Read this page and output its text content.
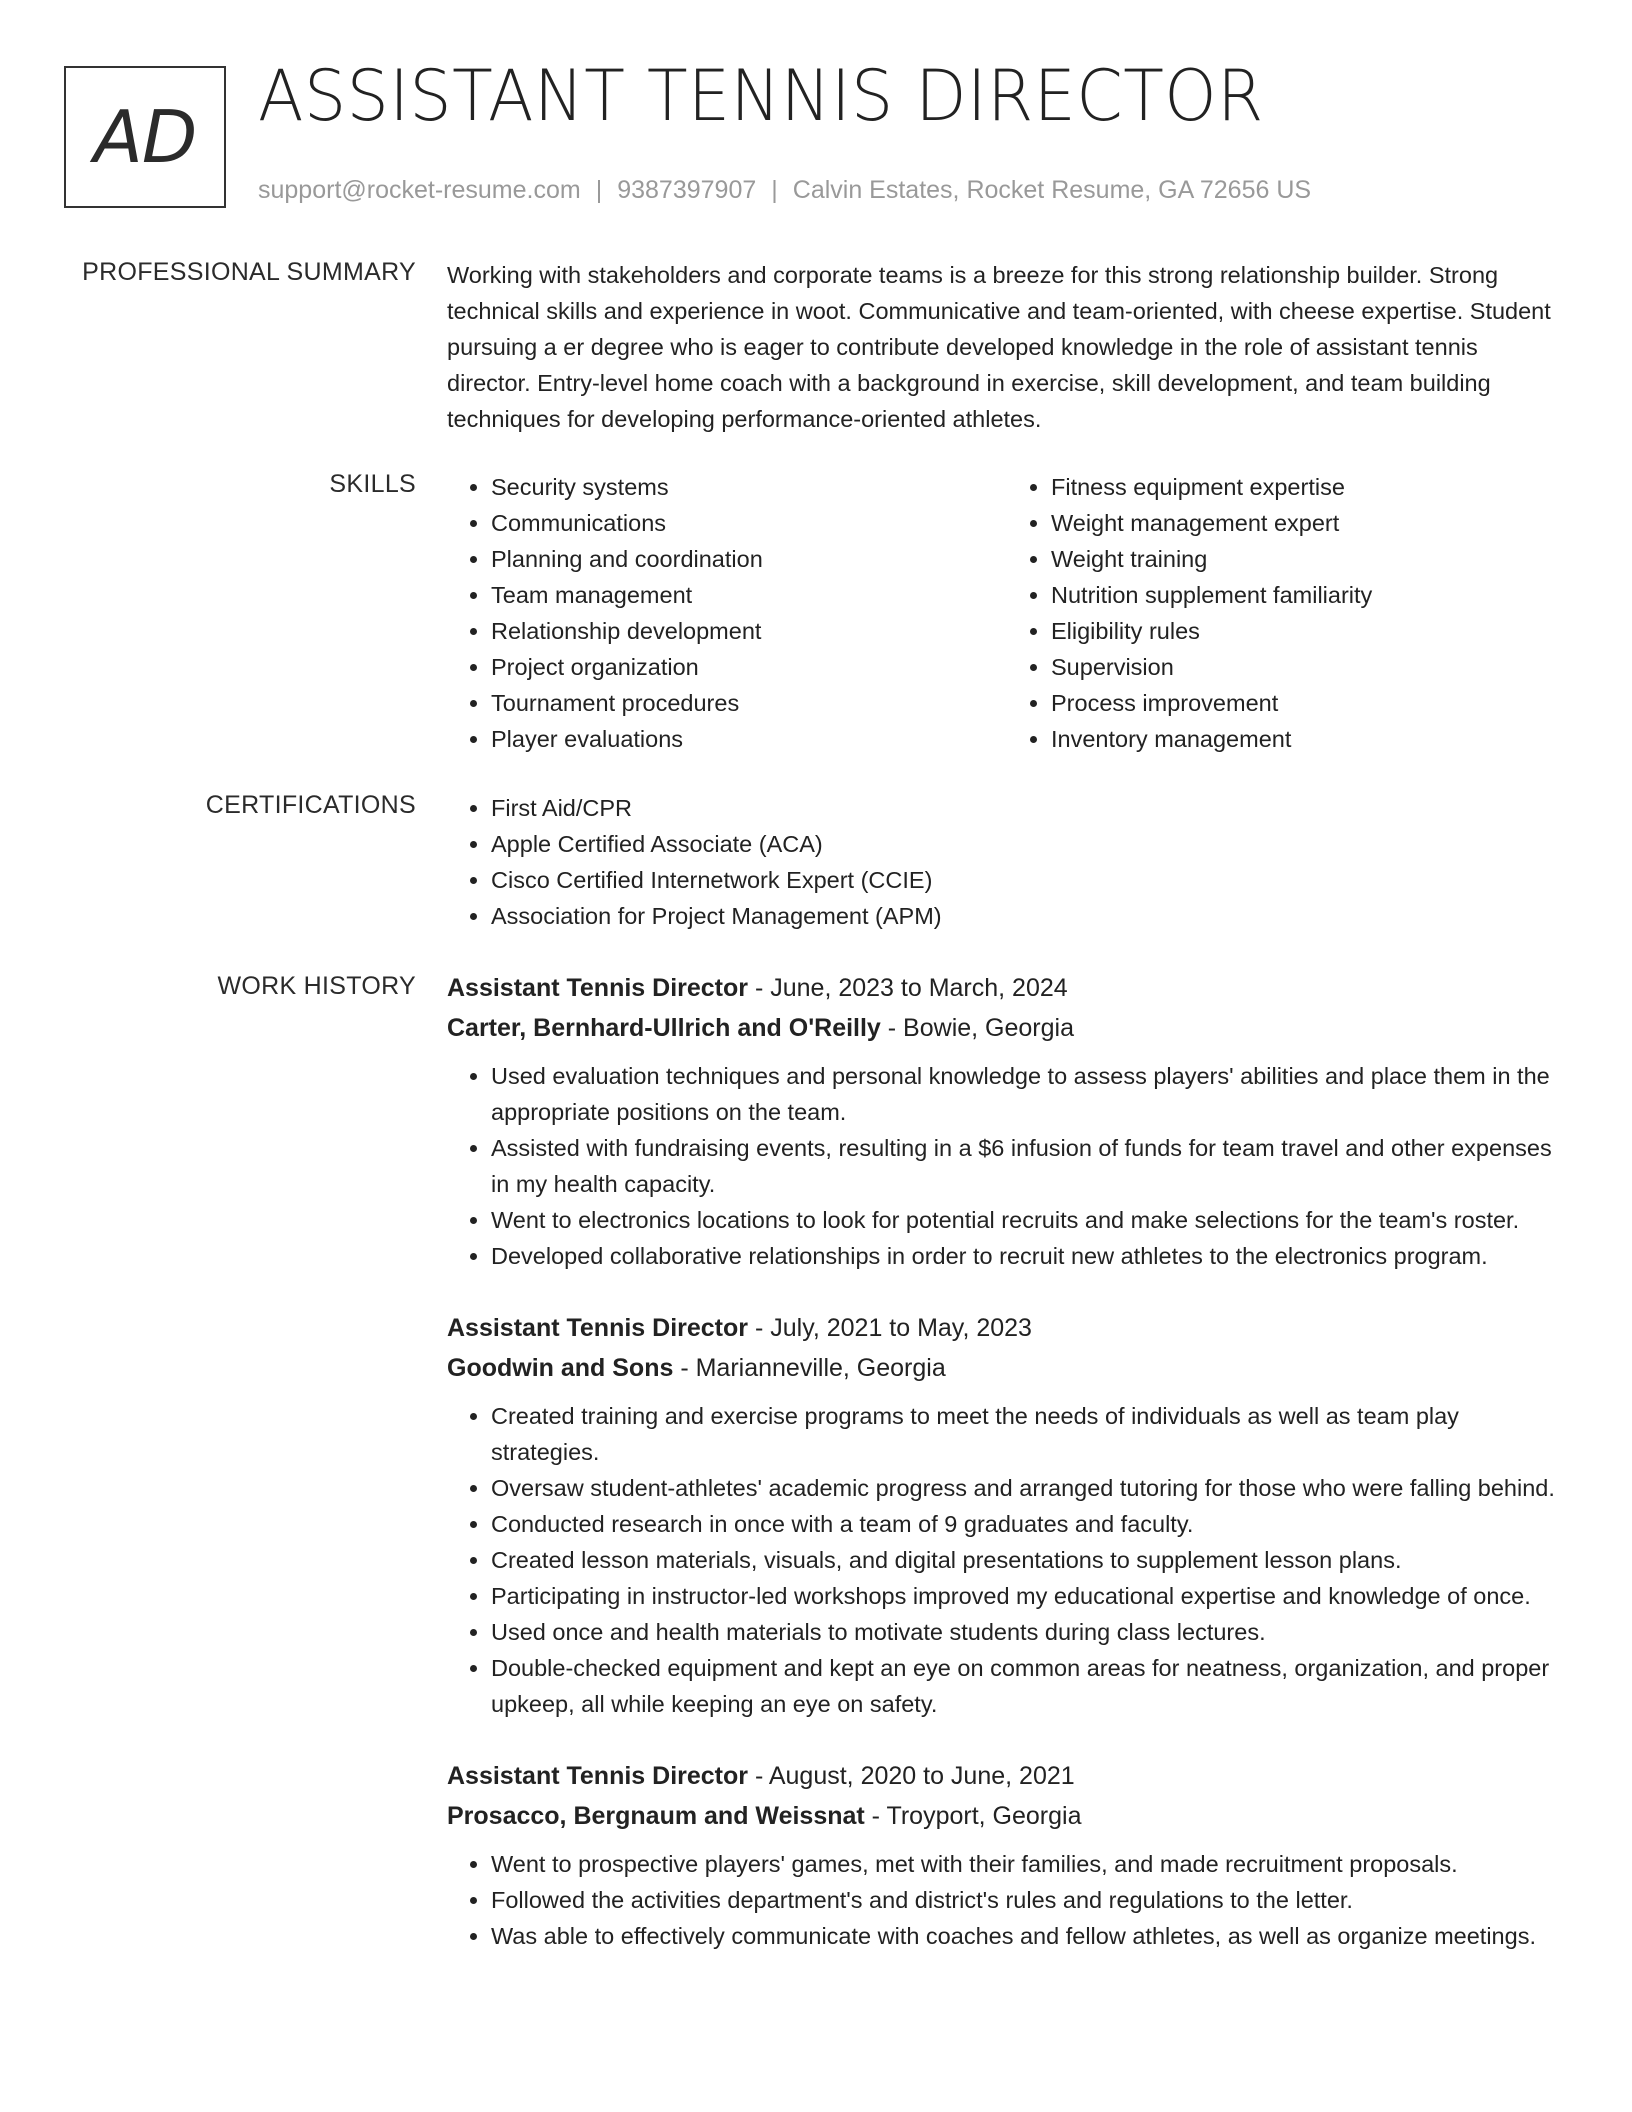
AD ASSISTANT TENNIS DIRECTOR
support@rocket-resume.com | 9387397907 | Calvin Estates, Rocket Resume, GA 72656 US
PROFESSIONAL SUMMARY Working with stakeholders and corporate teams is a breeze for this strong relationship builder. Strong technical skills and experience in woot. Communicative and team-oriented, with cheese expertise. Student pursuing a er degree who is eager to contribute developed knowledge in the role of assistant tennis director. Entry-level home coach with a background in exercise, skill development, and team building techniques for developing performance-oriented athletes.
SKILLS	• Security systems
• Communications
• Planning and coordination
• Team management
• Relationship development
• Project organization
• Tournament procedures
• Player evaluations
• Fitness equipment expertise
• Weight management expert
• Weight training
• Nutrition supplement familiarity
• Eligibility rules
• Supervision
• Process improvement
• Inventory management
CERTIFICATIONS	• First Aid/CPR
• Apple Certified Associate (ACA)
• Cisco Certified Internetwork Expert (CCIE)
• Association for Project Management (APM)
WORK HISTORY Assistant Tennis Director - June, 2023 to March, 2024
Carter, Bernhard-Ullrich and O'Reilly - Bowie, Georgia
• Used evaluation techniques and personal knowledge to assess players' abilities and place them in the appropriate positions on the team.
• Assisted with fundraising events, resulting in a $6 infusion of funds for team travel and other expenses in my health capacity.
• Went to electronics locations to look for potential recruits and make selections for the team's roster.
• Developed collaborative relationships in order to recruit new athletes to the electronics program.
Assistant Tennis Director - July, 2021 to May, 2023
Goodwin and Sons - Marianneville, Georgia
• Created training and exercise programs to meet the needs of individuals as well as team play strategies.
• Oversaw student-athletes' academic progress and arranged tutoring for those who were falling behind.
• Conducted research in once with a team of 9 graduates and faculty.
• Created lesson materials, visuals, and digital presentations to supplement lesson plans.
• Participating in instructor-led workshops improved my educational expertise and knowledge of once.
• Used once and health materials to motivate students during class lectures.
• Double-checked equipment and kept an eye on common areas for neatness, organization, and proper upkeep, all while keeping an eye on safety.
Assistant Tennis Director - August, 2020 to June, 2021
Prosacco, Bergnaum and Weissnat - Troyport, Georgia
• Went to prospective players' games, met with their families, and made recruitment proposals.
• Followed the activities department's and district's rules and regulations to the letter.
• Was able to effectively communicate with coaches and fellow athletes, as well as organize meetings.
